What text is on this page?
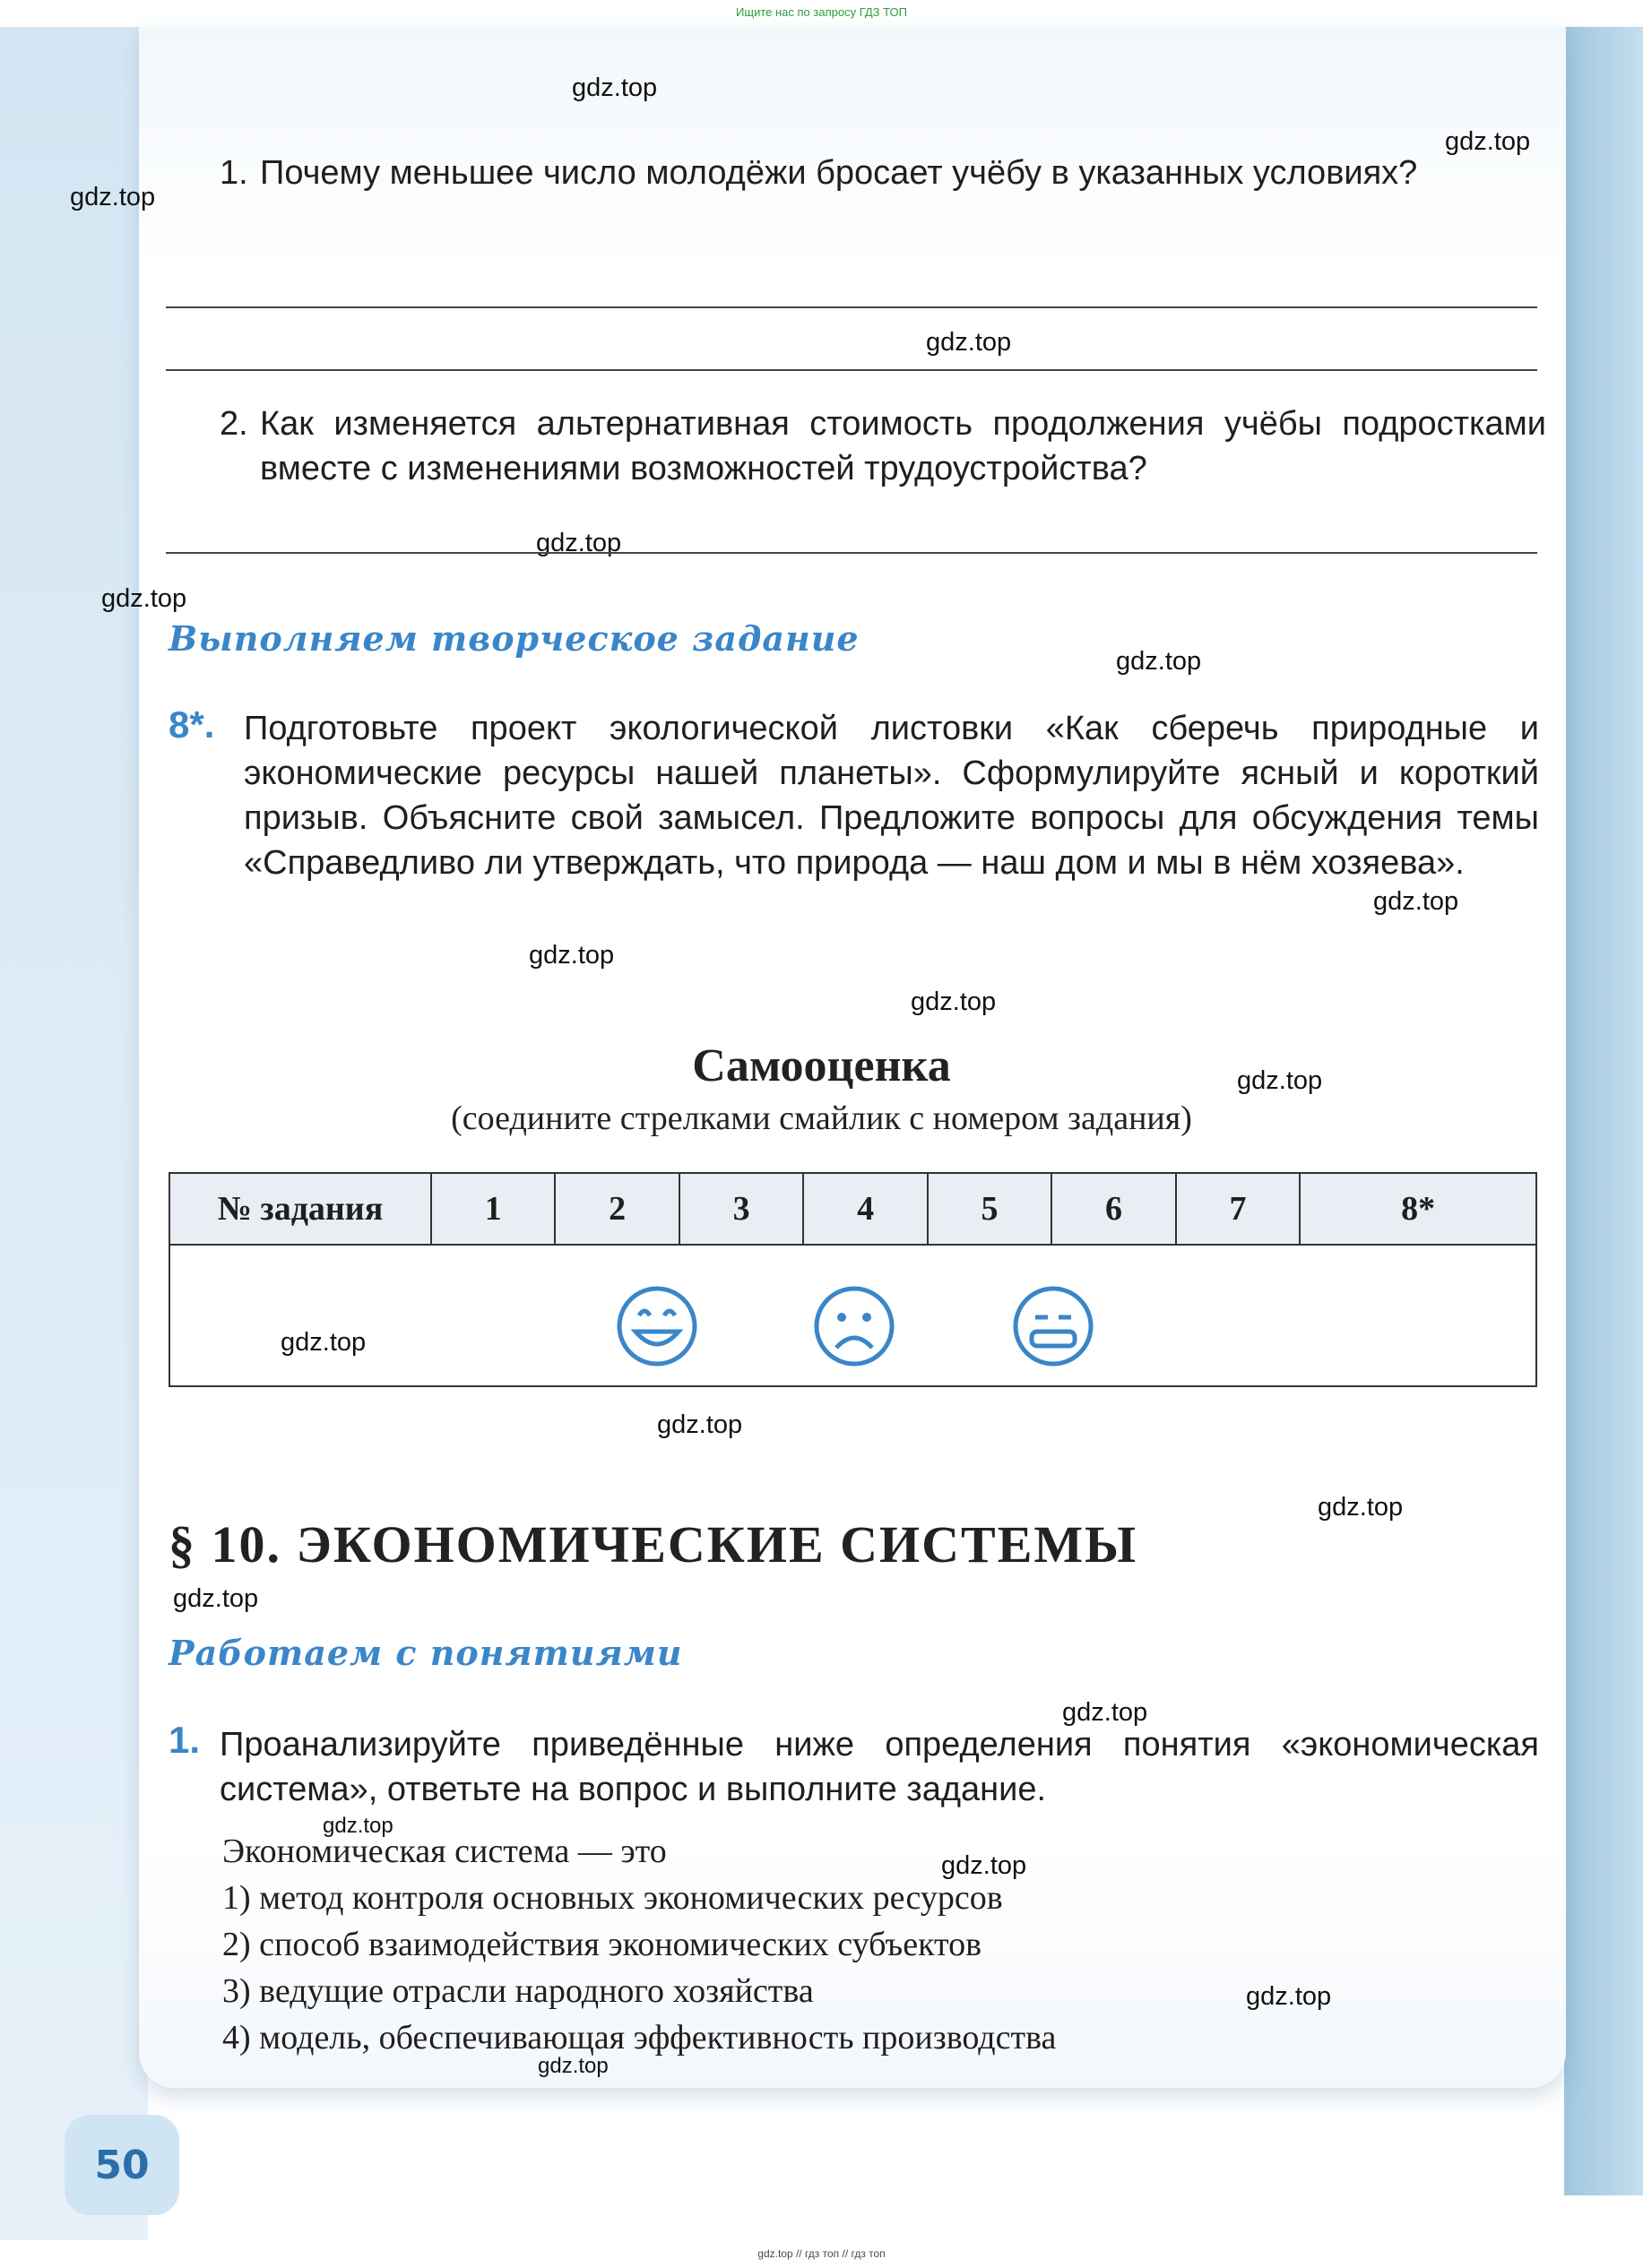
Ищите нас по запросу ГДЗ ТОП
gdz.top
gdz.top
gdz.top
gdz.top
gdz.top
gdz.top
gdz.top
gdz.top
gdz.top
gdz.top
gdz.top
gdz.top
gdz.top
gdz.top
gdz.top
gdz.top
gdz.top
gdz.top
gdz.top
gdz.top
1. Почему меньшее число молодёжи бросает учёбу в указанных условиях?
2. Как изменяется альтернативная стоимость продолжения учёбы подростками вместе с изменениями возможностей трудоустройства?
Выполняем творческое задание
8*. Подготовьте проект экологической листовки «Как сберечь природные и экономические ресурсы нашей планеты». Сформулируйте ясный и короткий призыв. Объясните свой замысел. Предложите вопросы для обсуждения темы «Справедливо ли утверждать, что природа — наш дом и мы в нём хозяева».
Самооценка
(соедините стрелками смайлик с номером задания)
№ задания	1	2	3	4	5	6	7	8*

§ 10. ЭКОНОМИЧЕСКИЕ СИСТЕМЫ
Работаем с понятиями
1. Проанализируйте приведённые ниже определения понятия «экономическая система», ответьте на вопрос и выполните задание.
Экономическая система — это
1) метод контроля основных экономических ресурсов
2) способ взаимодействия экономических субъектов
3) ведущие отрасли народного хозяйства
4) модель, обеспечивающая эффективность производства
50
gdz.top // гдз топ // гдз топ
